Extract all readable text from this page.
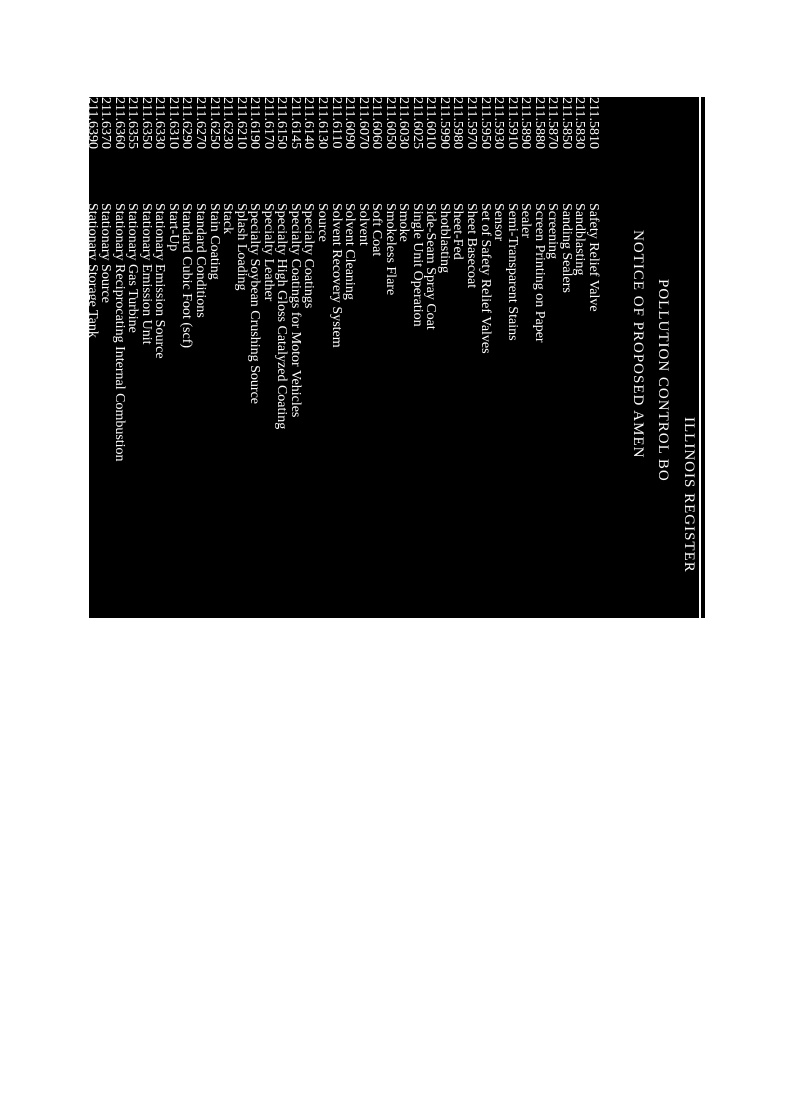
ILLINOIS REGISTER
POLLUTION CONTROL BO
NOTICE OF PROPOSED AMEN
211.5810
Safety Relief Valve
211.5830
Sandblasting
211.5850
Sanding Sealers
211.5870
Screening
211.5880
Screen Printing on Paper
211.5890
Sealer
211.5910
Semi-Transparent Stains
211.5930
Sensor
211.5950
Set of Safety Relief Valves
211.5970
Sheet Basecoat
211.5980
Sheet-Fed
211.5990
Shotblasting
211.6010
Side-Seam Spray Coat
211.6025
Single Unit Operation
211.6030
Smoke
211.6050
Smokeless Flare
211.6060
Soft Coat
211.6070
Solvent
211.6090
Solvent Cleaning
211.6110
Solvent Recovery System
211.6130
Source
211.6140
Specialty Coatings
211.6145
Specialty Coatings for Motor Vehicles
211.6150
Specialty High Gloss Catalyzed Coating
211.6170
Specialty Leather
211.6190
Specialty Soybean Crushing Source
211.6210
Splash Loading
211.6230
Stack
211.6250
Stain Coating
211.6270
Standard Conditions
211.6290
Standard Cubic Foot (scf)
211.6310
Start-Up
211.6330
Stationary Emission Source
211.6350
Stationary Emission Unit
211.6355
Stationary Gas Turbine
211.6360
Stationary Reciprocating Internal Combustion
211.6370
Stationary Source
211.6390
Stationary Storage Tank
211.6400
Stencil Coat
